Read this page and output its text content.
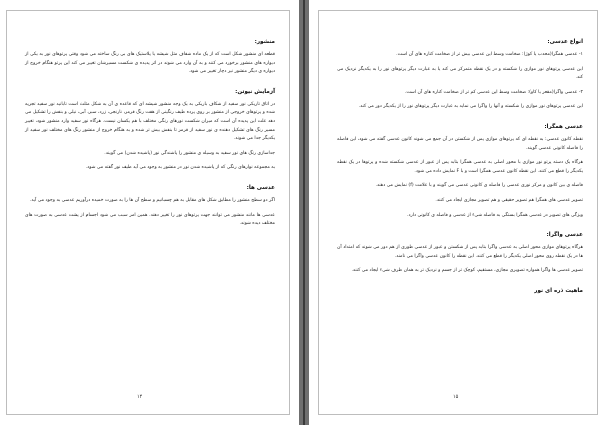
منشور:
قطعه ای منشور شکل است که از یک ماده شفاف مثل شیشه یا پلاستیک های بی رنگ ساخته می شود وقتی پرتوهای نور به یکی از دیواره های منشور برخورد می کنند و به آن وارد می شوند در اثر پدیده ی شکست مسیرشان تغییر می کند این پرتو هنگام خروج از دیواره ی دیگر منشور نیز دچار تغییر می شود.
آزمایش نیوتن:
در اتاق تاریکی نور سفید از شکاف باریکی به یک وجه منشور شیشه ای که قاعده ی آن به شکل مثلث است تابانید نور سفید تجزیه شده و پرتوهای خروجی از منشور بر روی پرده طیف رنگینی از هفت رنگ قرمز، نارنجی، زرد، سبز، آبی، نیلی و بنفش را تشکیل می دهد علت این پدیده آن است که میزان شکست نورهای رنگی مختلف با هم یکسان نیست. هرگاه نور سفید وارد منشور شود، تغییر مسیر رنگ های تشکیل دهنده ی نور سفید از قرمز تا بنفش بیش تر شده و به هنگام خروج از منشور رنگ های مختلف نور سفید از یکدیگر جدا می شوند.
جداسازی رنگ های نور سفید به وسیله ی منشور را پاشندگی نور (پاشیده شدن) می گویند.
به مجموعه نوارهای رنگی که از پاشیده شدن نور در منشور به وجود می آید طیف نور گفته می شود.
عدسی ها:
اگر دو سطح منشور را مطابق شکل های مقابل به هم چسبانیم و سطح آن ها را به صورت خمیده درآوریم عدسی به وجود می آید.
عدسی ها مانند منشور می توانند جهت پرتوهای نور را تغییر دهند. همین امر سبب می شود اجسام از پشت عدسی به صورت های مختلف دیده شوند.
۱۴
انواع عدسی:
۱- عدسی همگرا(محدب یا کوژ): ضخامت وسط این عدسی بیش تر از ضخامت کناره های آن است.
این عدسی پرتوهای نور موازی را شکسته و در یک نقطه متمرکز می کند یا به عبارت دیگر پرتوهای نور را به یکدیگر نزدیک می کند.
۲- عدسی واگرا(مقعر یا کاو): ضخامت وسط این عدسی کم تر از ضخامت کناره های آن است.
این عدسی پرتوهای نور موازی را شکسته و آنها را واگرا می نماید به عبارت دیگر پرتوهای نور را از یکدیگر دور می کند.
عدسی همگرا:
نقطه کانون عدسی: به نقطه ای که پرتوهای موازی پس از شکستن در آن جمع می شوند کانون عدسی گفته می شود، این فاصله را فاصله کانونی عدسی گویند.
هرگاه یک دسته پرتو نور موازی با محور اصلی به عدسی همگرا بتابد پس از عبور از عدسی شکسته شده و پرتوها در یک نقطه یکدیگر را قطع می کنند. این نقطه کانون عدسی همگرا است و با F نمایش داده می شود.
فاصله ی بین کانون و مرکز نوری عدسی را فاصله ی کانونی عدسی می گویند و با علامت (f) نمایش می دهند.
تصویر عدسی های همگرا هم تصویر حقیقی و هم تصویر مجازی ایجاد می کنند.
ویژگی های تصویر در عدسی همگرا بستگی به فاصله شیء از عدسی و فاصله ی کانونی دارد.
عدسی واگرا:
هرگاه پرتوهای موازی محور اصلی به عدسی واگرا بتابد پس از شکستن و عبور از عدسی طوری از هم دور می شوند که امتداد آن ها در یک نقطه روی محور اصلی یکدیگر را قطع می کنند. این نقطه را کانون عدسی واگرا می نامند.
تصویر عدسی ها واگرا همواره تصویری مجازی، مستقیم، کوچک تر از جسم و نزدیک تر به همان طرف شیء ایجاد می کنند.
ماهیت ذره ای نور
۱۵
